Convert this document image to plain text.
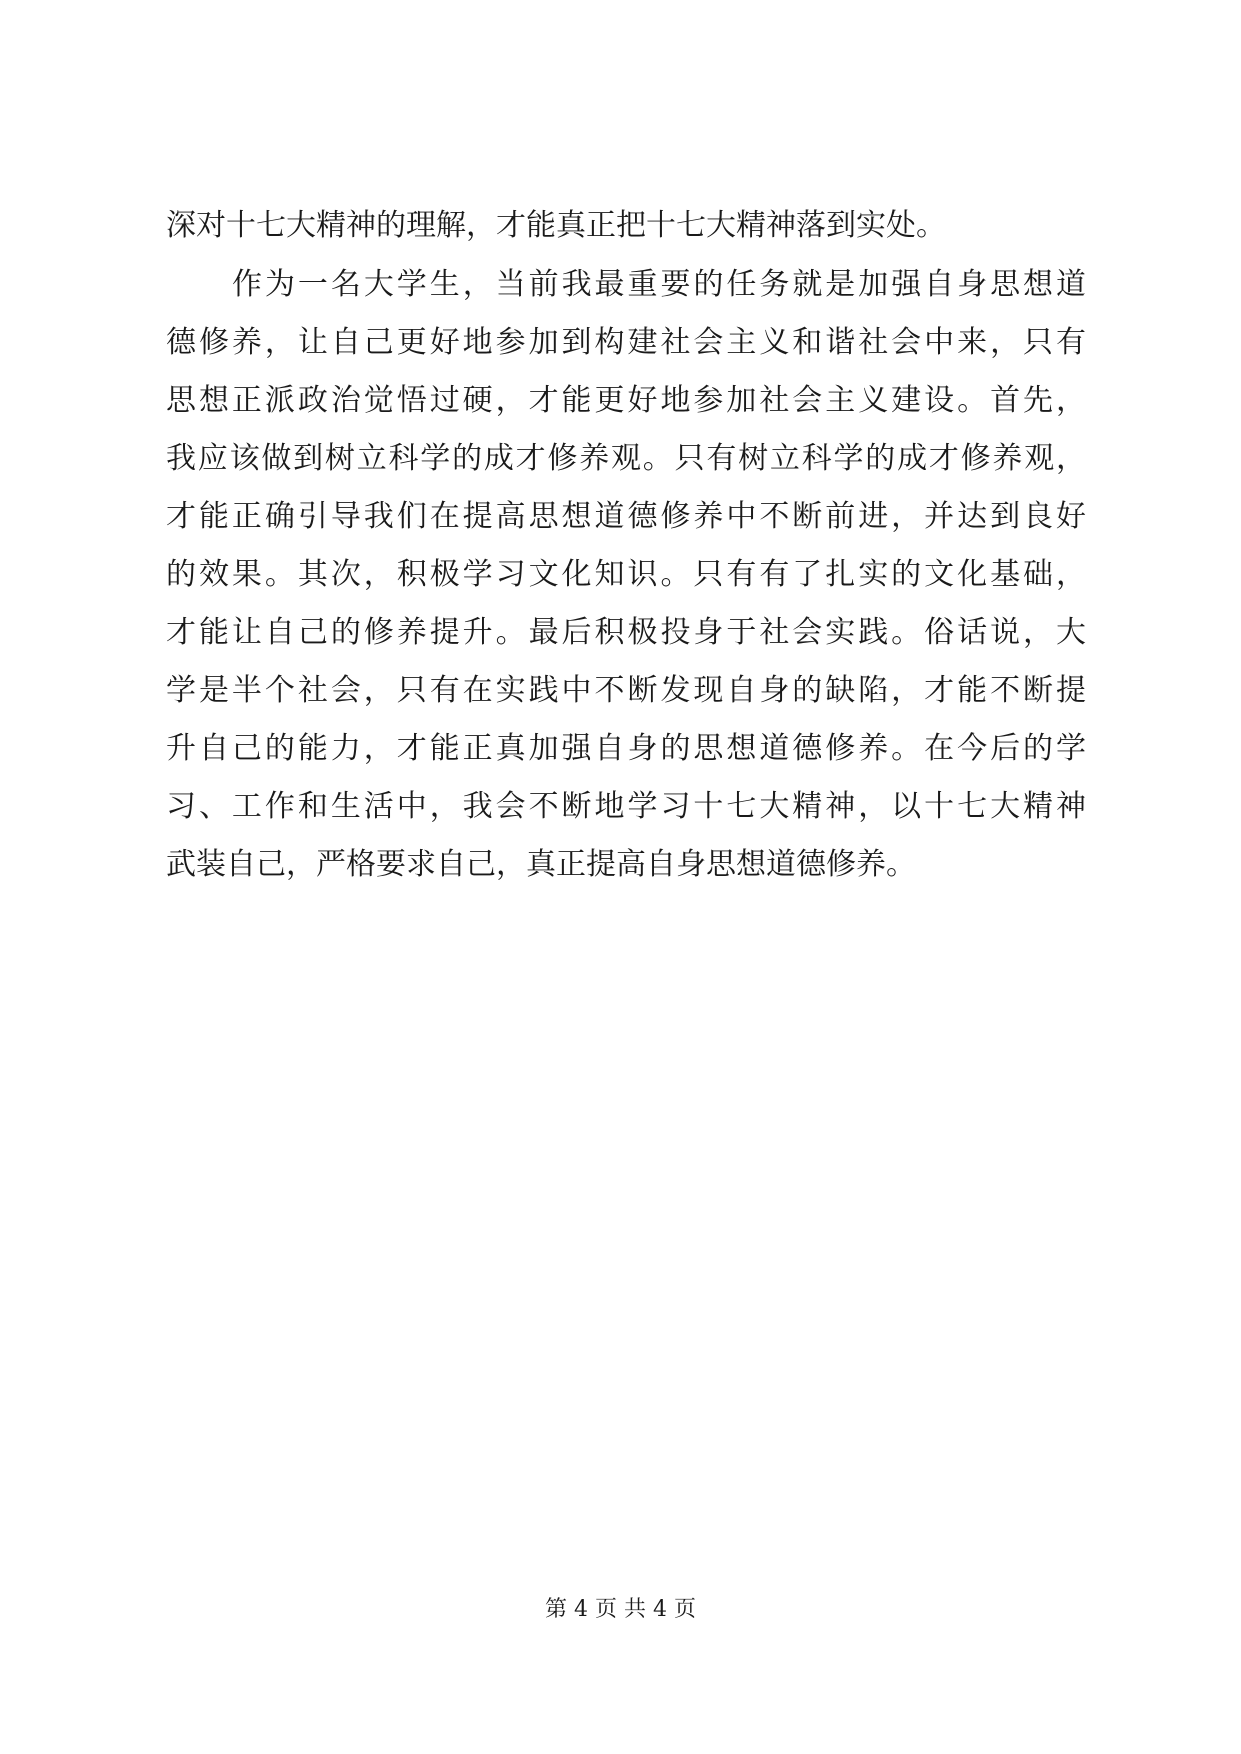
深对十七大精神的理解，才能真正把十七大精神落到实处。
作为一名大学生，当前我最重要的任务就是加强自身思想道
德修养，让自己更好地参加到构建社会主义和谐社会中来，只有
思想正派政治觉悟过硬，才能更好地参加社会主义建设。首先，
我应该做到树立科学的成才修养观。只有树立科学的成才修养观，
才能正确引导我们在提高思想道德修养中不断前进，并达到良好
的效果。其次，积极学习文化知识。只有有了扎实的文化基础，
才能让自己的修养提升。最后积极投身于社会实践。俗话说，大
学是半个社会，只有在实践中不断发现自身的缺陷，才能不断提
升自己的能力，才能正真加强自身的思想道德修养。在今后的学
习、工作和生活中，我会不断地学习十七大精神，以十七大精神
武装自己，严格要求自己，真正提高自身思想道德修养。
第 4 页 共 4 页
